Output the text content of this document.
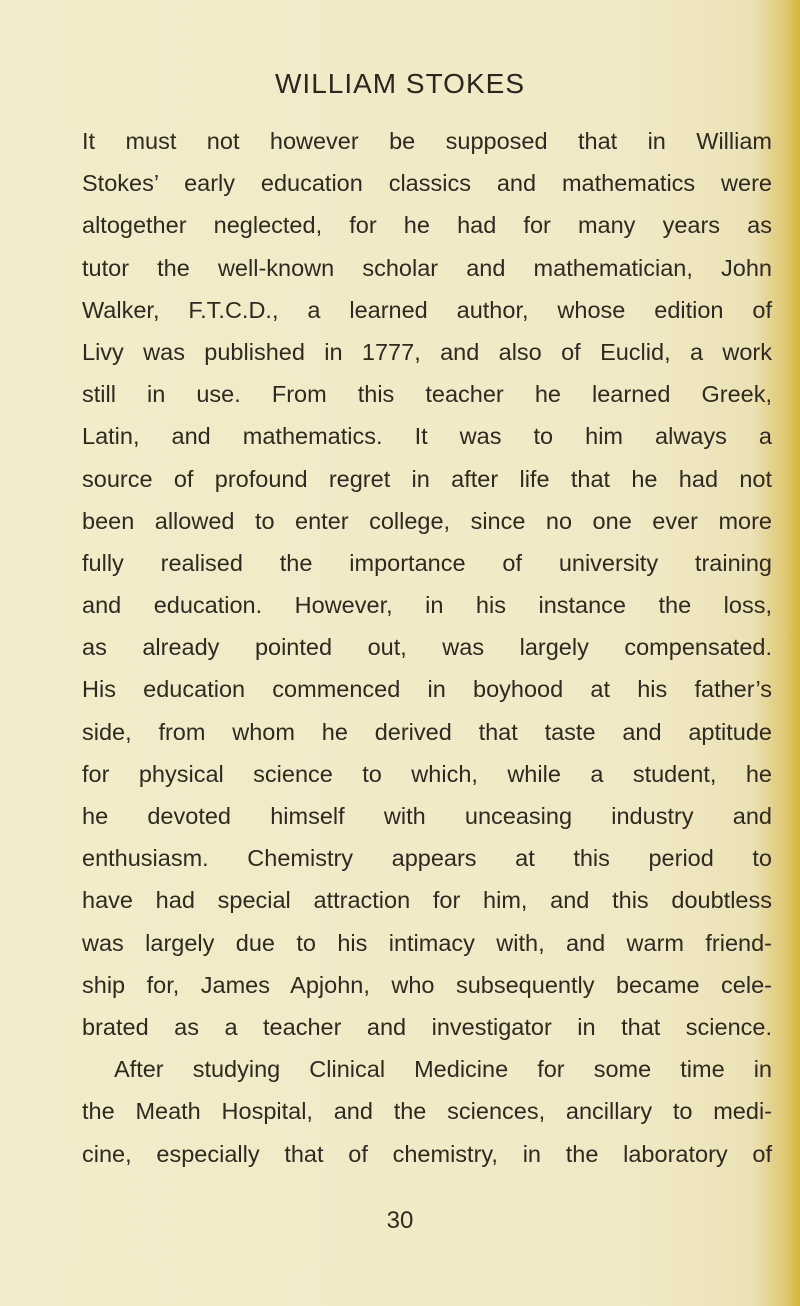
WILLIAM STOKES
It must not however be supposed that in William
Stokes’ early education classics and mathematics were
altogether neglected, for he had for many years as
tutor the well-known scholar and mathematician, John
Walker, F.T.C.D., a learned author, whose edition of
Livy was published in 1777, and also of Euclid, a work
still in use. From this teacher he learned Greek,
Latin, and mathematics. It was to him always a
source of profound regret in after life that he had not
been allowed to enter college, since no one ever more
fully realised the importance of university training
and education. However, in his instance the loss,
as already pointed out, was largely compensated.
His education commenced in boyhood at his father’s
side, from whom he derived that taste and aptitude
for physical science to which, while a student, he
he devoted himself with unceasing industry and
enthusiasm. Chemistry appears at this period to
have had special attraction for him, and this doubtless
was largely due to his intimacy with, and warm friend-
ship for, James Apjohn, who subsequently became cele-
brated as a teacher and investigator in that science.
After studying Clinical Medicine for some time in
the Meath Hospital, and the sciences, ancillary to medi-
cine, especially that of chemistry, in the laboratory of
30
